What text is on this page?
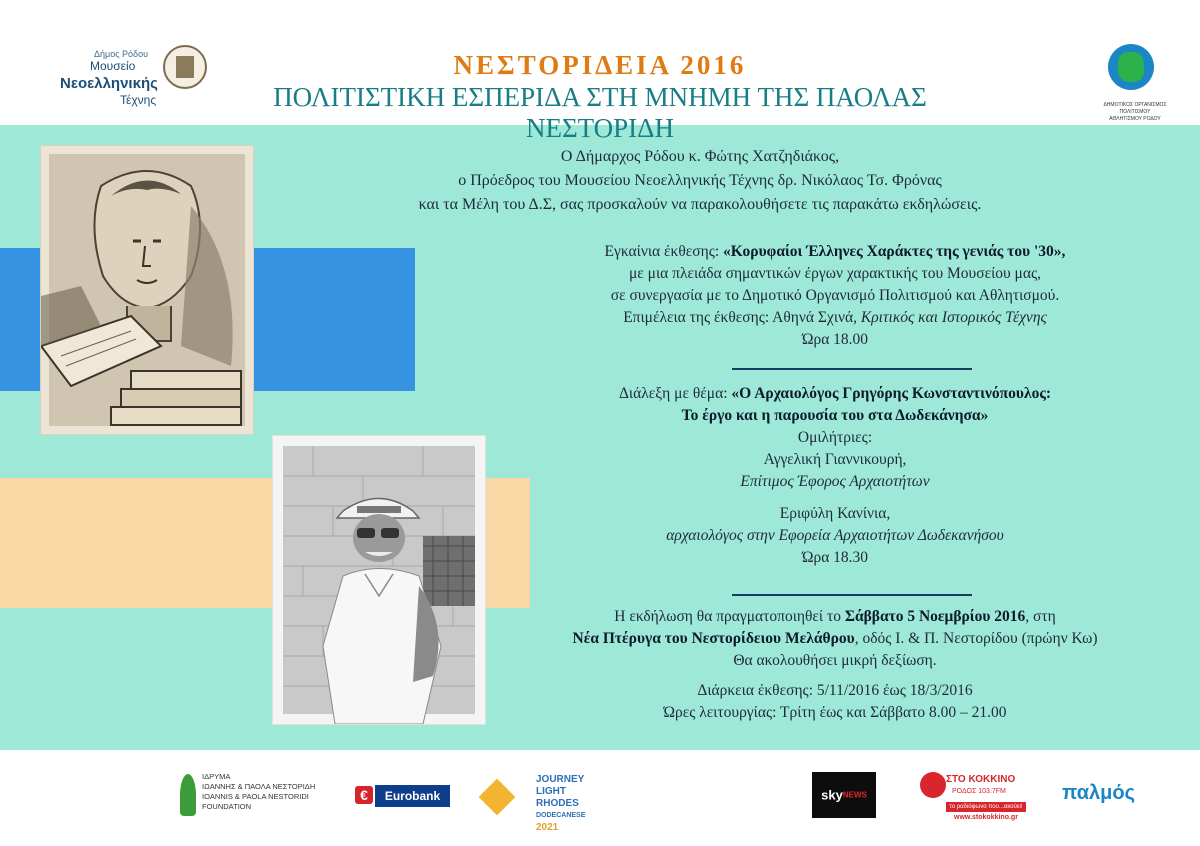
Δήμος Ρόδου
Μουσείο
Νεοελληνικής
Τέχνης
ΝΕΣΤΟΡΙΔΕΙΑ 2016
ΠΟΛΙΤΙΣΤΙΚΗ ΕΣΠΕΡΙΔΑ ΣΤΗ ΜΝΗΜΗ ΤΗΣ ΠΑΟΛΑΣ ΝΕΣΤΟΡΙΔΗ
ΔΗΜΟΤΙΚΟΣ ΟΡΓΑΝΙΣΜΟΣ ΠΟΛΙΤΙΣΜΟΥ
ΑΘΛΗΤΙΣΜΟΥ ΡΟΔΟΥ
Ο Δήμαρχος Ρόδου κ. Φώτης Χατζηδιάκος,
ο Πρόεδρος του Μουσείου Νεοελληνικής Τέχνης δρ. Νικόλαος Τσ. Φρόνας
και τα Μέλη του Δ.Σ, σας προσκαλούν να παρακολουθήσετε τις παρακάτω εκδηλώσεις.
Εγκαίνια έκθεσης: «Κορυφαίοι Έλληνες Χαράκτες της γενιάς του '30»,
με μια πλειάδα σημαντικών έργων χαρακτικής του Μουσείου μας,
σε συνεργασία με το Δημοτικό Οργανισμό Πολιτισμού και Αθλητισμού.
Επιμέλεια της έκθεσης: Αθηνά Σχινά, Κριτικός και Ιστορικός Τέχνης
Ώρα 18.00
Διάλεξη με θέμα: «Ο Αρχαιολόγος Γρηγόρης Κωνσταντινόπουλος:
Το έργο και η παρουσία του στα Δωδεκάνησα»
Ομιλήτριες:
Αγγελική Γιαννικουρή,
Επίτιμος Έφορος Αρχαιοτήτων
Εριφύλη Κανίνια,
αρχαιολόγος στην Εφορεία Αρχαιοτήτων Δωδεκανήσου
Ώρα 18.30
Η εκδήλωση θα πραγματοποιηθεί το Σάββατο 5 Νοεμβρίου 2016, στη
Νέα Πτέρυγα του Νεστορίδειου Μελάθρου, οδός Ι. & Π. Νεστορίδου (πρώην Κω)
Θα ακολουθήσει μικρή δεξίωση.
Διάρκεια έκθεσης: 5/11/2016 έως 18/3/2016
Ώρες λειτουργίας: Τρίτη έως και Σάββατο 8.00 – 21.00
ΙΔΡΥΜΑ
ΙΩΑΝΝΗΣ & ΠΑΟΛΑ ΝΕΣΤΟΡΙΔΗ
IOANNIS & PAOLA NESTORIDI
FOUNDATION
€	Eurobank
JOURNEY
LIGHT
RHODES
DODECANESE
2021
skyNEWS
ΣΤΟ ΚΟΚΚΙΝΟ
ΡΟΔΟΣ 103.7FM
το ραδιόφωνο που...ακούει!
www.stokokkino.gr
παλμός
